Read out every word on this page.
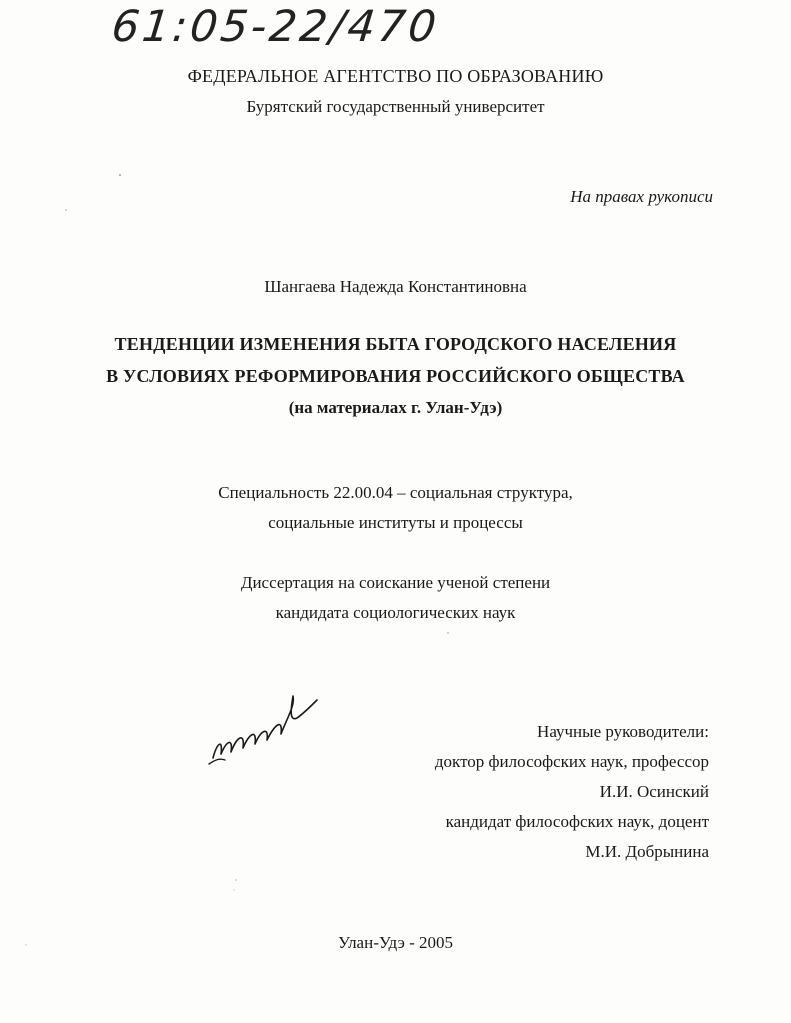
61:05-22/470
ФЕДЕРАЛЬНОЕ АГЕНТСТВО ПО ОБРАЗОВАНИЮ
Бурятский государственный университет
На правах рукописи
Шангаева Надежда Константиновна
ТЕНДЕНЦИИ ИЗМЕНЕНИЯ БЫТА ГОРОДСКОГО НАСЕЛЕНИЯ
В УСЛОВИЯХ РЕФОРМИРОВАНИЯ РОССИЙСКОГО ОБЩЕСТВА
(на материалах г. Улан-Удэ)
Специальность 22.00.04 – социальная структура,
социальные институты и процессы
Диссертация на соискание ученой степени
кандидата социологических наук
Научные руководители:
доктор философских наук, профессор
И.И. Осинский
кандидат философских наук, доцент
М.И. Добрынина
Улан-Удэ - 2005
